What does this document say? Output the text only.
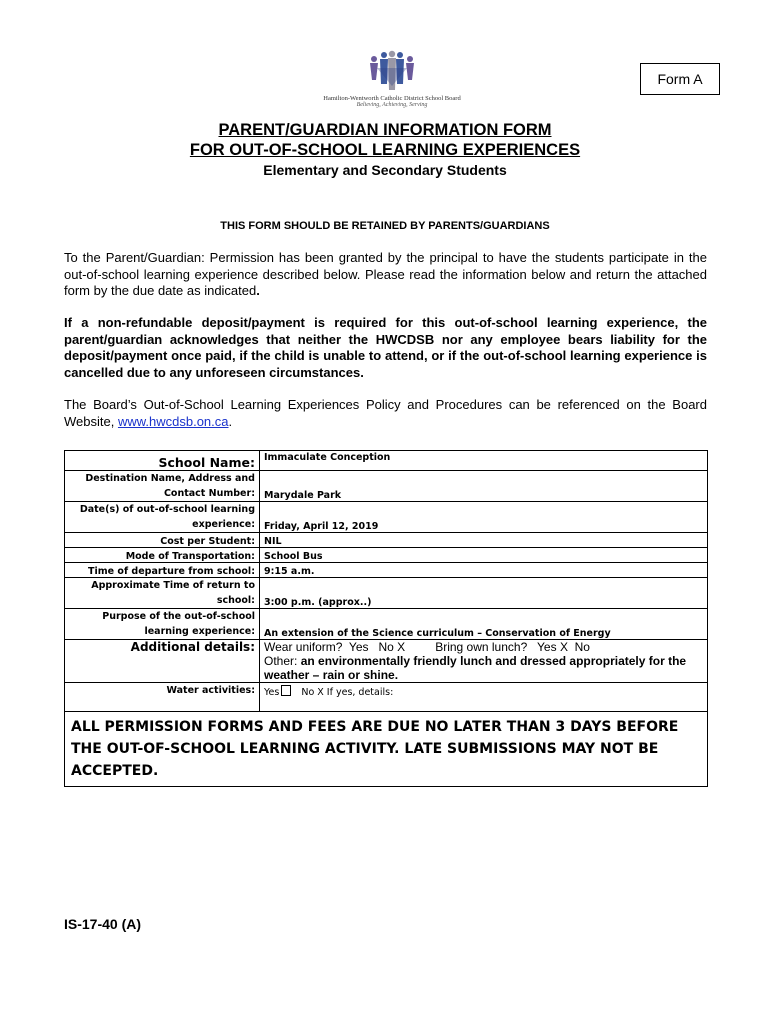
Hamilton-Wentworth Catholic District School Board
Believing, Achieving, Serving
Form A
PARENT/GUARDIAN INFORMATION FORM
FOR OUT-OF-SCHOOL LEARNING EXPERIENCES
Elementary and Secondary Students
THIS FORM SHOULD BE RETAINED BY PARENTS/GUARDIANS
To the Parent/Guardian: Permission has been granted by the principal to have the students participate in the out-of-school learning experience described below. Please read the information below and return the attached form by the due date as indicated.
If a non-refundable deposit/payment is required for this out-of-school learning experience, the parent/guardian acknowledges that neither the HWCDSB nor any employee bears liability for the deposit/payment once paid, if the child is unable to attend, or if the out-of-school learning experience is cancelled due to any unforeseen circumstances.
The Board’s Out-of-School Learning Experiences Policy and Procedures can be referenced on the Board Website, www.hwcdsb.on.ca.
School Name:	Immaculate Conception

Destination Name, Address and
Contact Number:	Marydale Park

Date(s) of out-of-school learning
experience:	Friday, April 12, 2019
Cost per Student:	NIL
Mode of Transportation:	School Bus
Time of departure from school:	9:15 a.m.

Approximate Time of return to
school:	3:00 p.m. (approx..)

Purpose of the out-of-school
learning experience:	An extension of the Science curriculum – Conservation of Energy
Additional details:	Wear uniform?  Yes   No X         Bring own lunch?   Yes X  No
Other: an environmentally friendly lunch and dressed appropriately for the weather – rain or shine.

Water activities:	Yes No X If yes, details:
ALL PERMISSION FORMS AND FEES ARE DUE NO LATER THAN 3 DAYS BEFORE THE OUT-OF-SCHOOL LEARNING ACTIVITY. LATE SUBMISSIONS MAY NOT BE ACCEPTED.	
IS-17-40 (A)
